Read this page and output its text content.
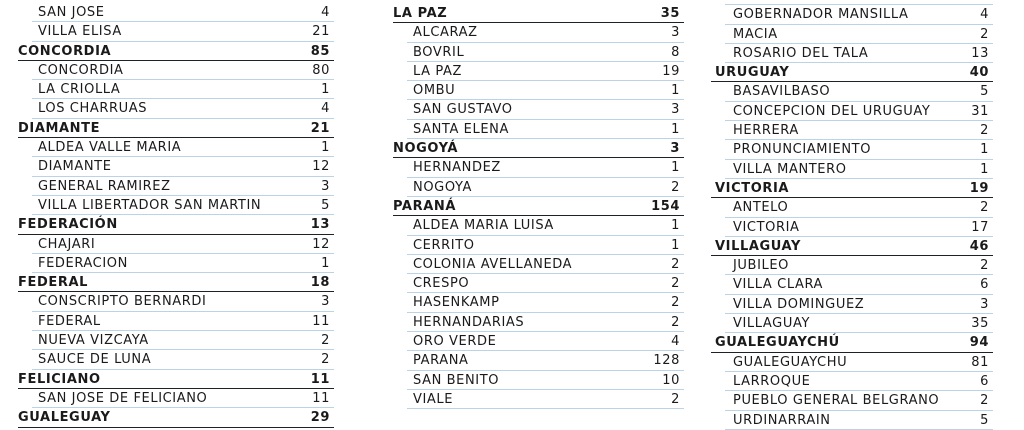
SAN JOSE	4
VILLA ELISA	21
CONCORDIA	85
CONCORDIA	80
LA CRIOLLA	1
LOS CHARRUAS	4
DIAMANTE	21
ALDEA VALLE MARIA	1
DIAMANTE	12
GENERAL RAMIREZ	3
VILLA LIBERTADOR SAN MARTIN	5
FEDERACIÓN	13
CHAJARI	12
FEDERACION	1
FEDERAL	18
CONSCRIPTO BERNARDI	3
FEDERAL	11
NUEVA VIZCAYA	2
SAUCE DE LUNA	2
FELICIANO	11
SAN JOSE DE FELICIANO	11
GUALEGUAY	29
LA PAZ	35
ALCARAZ	3
BOVRIL	8
LA PAZ	19
OMBU	1
SAN GUSTAVO	3
SANTA ELENA	1
NOGOYÁ	3
HERNANDEZ	1
NOGOYA	2
PARANÁ	154
ALDEA MARIA LUISA	1
CERRITO	1
COLONIA AVELLANEDA	2
CRESPO	2
HASENKAMP	2
HERNANDARIAS	2
ORO VERDE	4
PARANA	128
SAN BENITO	10
VIALE	2
GOBERNADOR MANSILLA	4
MACIA	2
ROSARIO DEL TALA	13
URUGUAY	40
BASAVILBASO	5
CONCEPCION DEL URUGUAY	31
HERRERA	2
PRONUNCIAMIENTO	1
VILLA MANTERO	1
VICTORIA	19
ANTELO	2
VICTORIA	17
VILLAGUAY	46
JUBILEO	2
VILLA CLARA	6
VILLA DOMINGUEZ	3
VILLAGUAY	35
GUALEGUAYCHÚ	94
GUALEGUAYCHU	81
LARROQUE	6
PUEBLO GENERAL BELGRANO	2
URDINARRAIN	5
